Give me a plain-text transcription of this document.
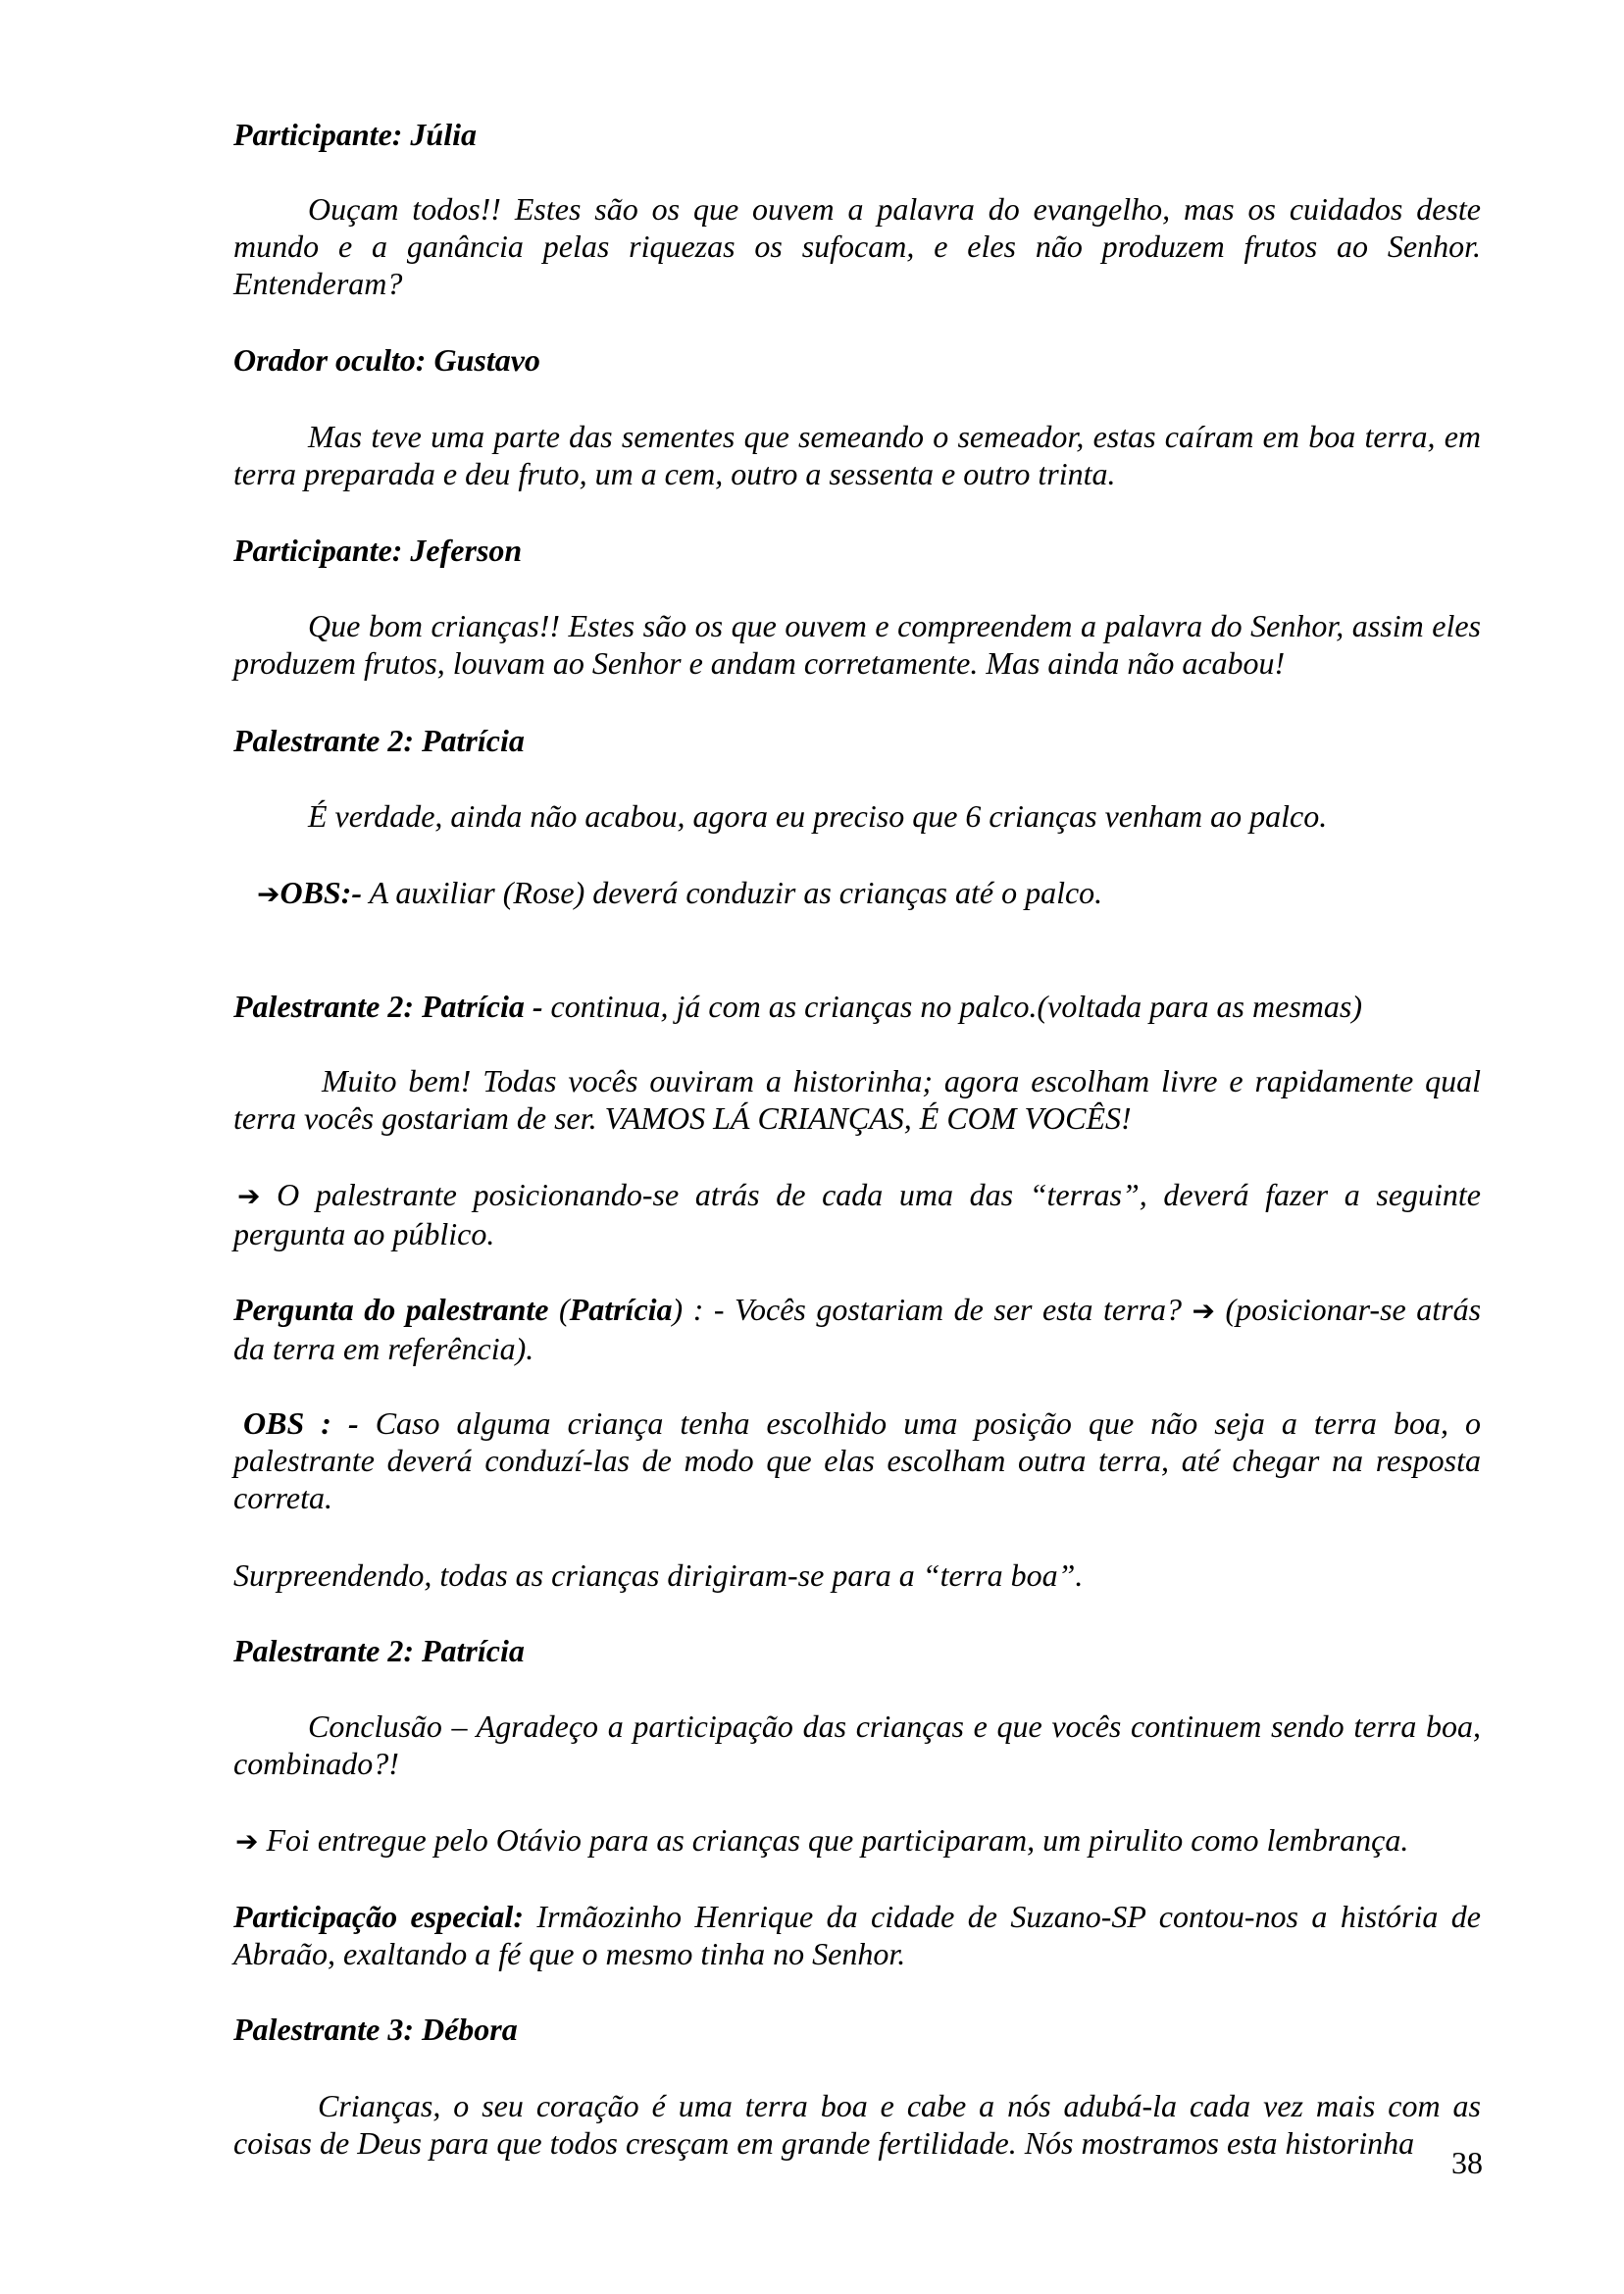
Participante: Júlia

Ouçam todos!! Estes são os que ouvem a palavra do evangelho, mas os cuidados deste mundo e a ganância pelas riquezas os sufocam, e eles não produzem frutos ao Senhor. Entenderam?

Orador oculto: Gustavo

Mas teve uma parte das sementes que semeando o semeador, estas caíram em boa terra, em terra preparada e deu fruto, um a cem, outro a sessenta e outro trinta.

Participante: Jeferson

Que bom crianças!! Estes são os que ouvem e compreendem a palavra do Senhor, assim eles produzem frutos, louvam ao Senhor e andam corretamente. Mas ainda não acabou!

Palestrante 2: Patrícia

É verdade, ainda não acabou, agora eu preciso que 6 crianças venham ao palco.

➔OBS:- A auxiliar (Rose) deverá conduzir as crianças até o palco.

Palestrante 2: Patrícia - continua, já com as crianças no palco.(voltada para as mesmas)

Muito bem! Todas vocês ouviram a historinha; agora escolham livre e rapidamente qual terra vocês gostariam de ser. VAMOS LÁ CRIANÇAS, É COM VOCÊS!

➔ O palestrante posicionando-se atrás de cada uma das “terras”, deverá fazer a seguinte pergunta ao público.

Pergunta do palestrante (Patrícia) : - Vocês gostariam de ser esta terra? ➔ (posicionar-se atrás da terra em referência).

OBS : - Caso alguma criança tenha escolhido uma posição que não seja a terra boa, o palestrante deverá conduzí-las de modo que elas escolham outra terra, até chegar na resposta correta.

Surpreendendo, todas as crianças dirigiram-se para a “terra boa”.

Palestrante 2: Patrícia

Conclusão – Agradeço a participação das crianças e que vocês continuem sendo terra boa, combinado?!

➔ Foi entregue pelo Otávio para as crianças que participaram, um pirulito como lembrança.

Participação especial: Irmãozinho Henrique da cidade de Suzano-SP contou-nos a história de Abraão, exaltando a fé que o mesmo tinha no Senhor.

Palestrante 3: Débora

Crianças, o seu coração é uma terra boa e cabe a nós adubá-la cada vez mais com as coisas de Deus para que todos cresçam em grande fertilidade. Nós mostramos esta historinha

38
